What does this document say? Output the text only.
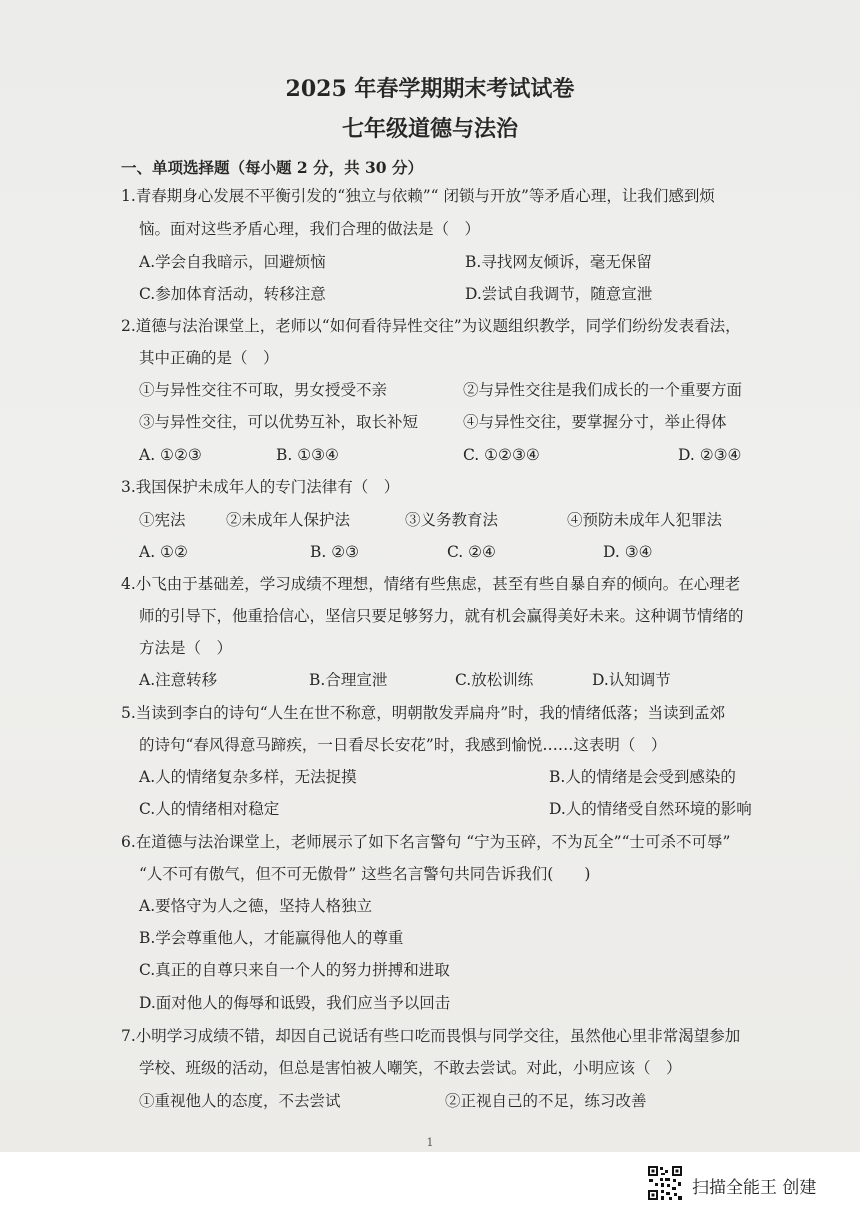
2025 年春学期期末考试试卷
七年级道德与法治
一、单项选择题（每小题 2 分，共 30 分）
1.青春期身心发展不平衡引发的“独立与依赖”“ 闭锁与开放”等矛盾心理，让我们感到烦
恼。面对这些矛盾心理，我们合理的做法是（　）
A.学会自我暗示，回避烦恼	B.寻找网友倾诉，毫无保留
C.参加体育活动，转移注意	D.尝试自我调节，随意宣泄
2.道德与法治课堂上，老师以“如何看待异性交往”为议题组织教学，同学们纷纷发表看法，
其中正确的是（　）
①与异性交往不可取，男女授受不亲	②与异性交往是我们成长的一个重要方面
③与异性交往，可以优势互补，取长补短	④与异性交往，要掌握分寸，举止得体
A. ①②③	B. ①③④	C. ①②③④	D. ②③④
3.我国保护未成年人的专门法律有（　）
①宪法	②未成年人保护法	③义务教育法	④预防未成年人犯罪法
A. ①②	B. ②③	C. ②④	D. ③④
4.小飞由于基础差，学习成绩不理想，情绪有些焦虑，甚至有些自暴自弃的倾向。在心理老
师的引导下，他重拾信心，坚信只要足够努力，就有机会赢得美好未来。这种调节情绪的
方法是（　）
A.注意转移	B.合理宣泄	C.放松训练	D.认知调节
5.当读到李白的诗句“人生在世不称意，明朝散发弄扁舟”时，我的情绪低落；当读到孟郊
的诗句“春风得意马蹄疾，一日看尽长安花”时，我感到愉悦……这表明（　）
A.人的情绪复杂多样，无法捉摸	B.人的情绪是会受到感染的
C.人的情绪相对稳定	D.人的情绪受自然环境的影响
6.在道德与法治课堂上，老师展示了如下名言警句 “宁为玉碎，不为瓦全”“士可杀不可辱”
“人不可有傲气，但不可无傲骨” 这些名言警句共同告诉我们(　　)
A.要恪守为人之德，坚持人格独立
B.学会尊重他人，才能赢得他人的尊重
C.真正的自尊只来自一个人的努力拼搏和进取
D.面对他人的侮辱和诋毁，我们应当予以回击
7.小明学习成绩不错，却因自己说话有些口吃而畏惧与同学交往，虽然他心里非常渴望参加
学校、班级的活动，但总是害怕被人嘲笑，不敢去尝试。对此，小明应该（　）
①重视他人的态度，不去尝试	②正视自己的不足，练习改善
1
扫描全能王 创建
